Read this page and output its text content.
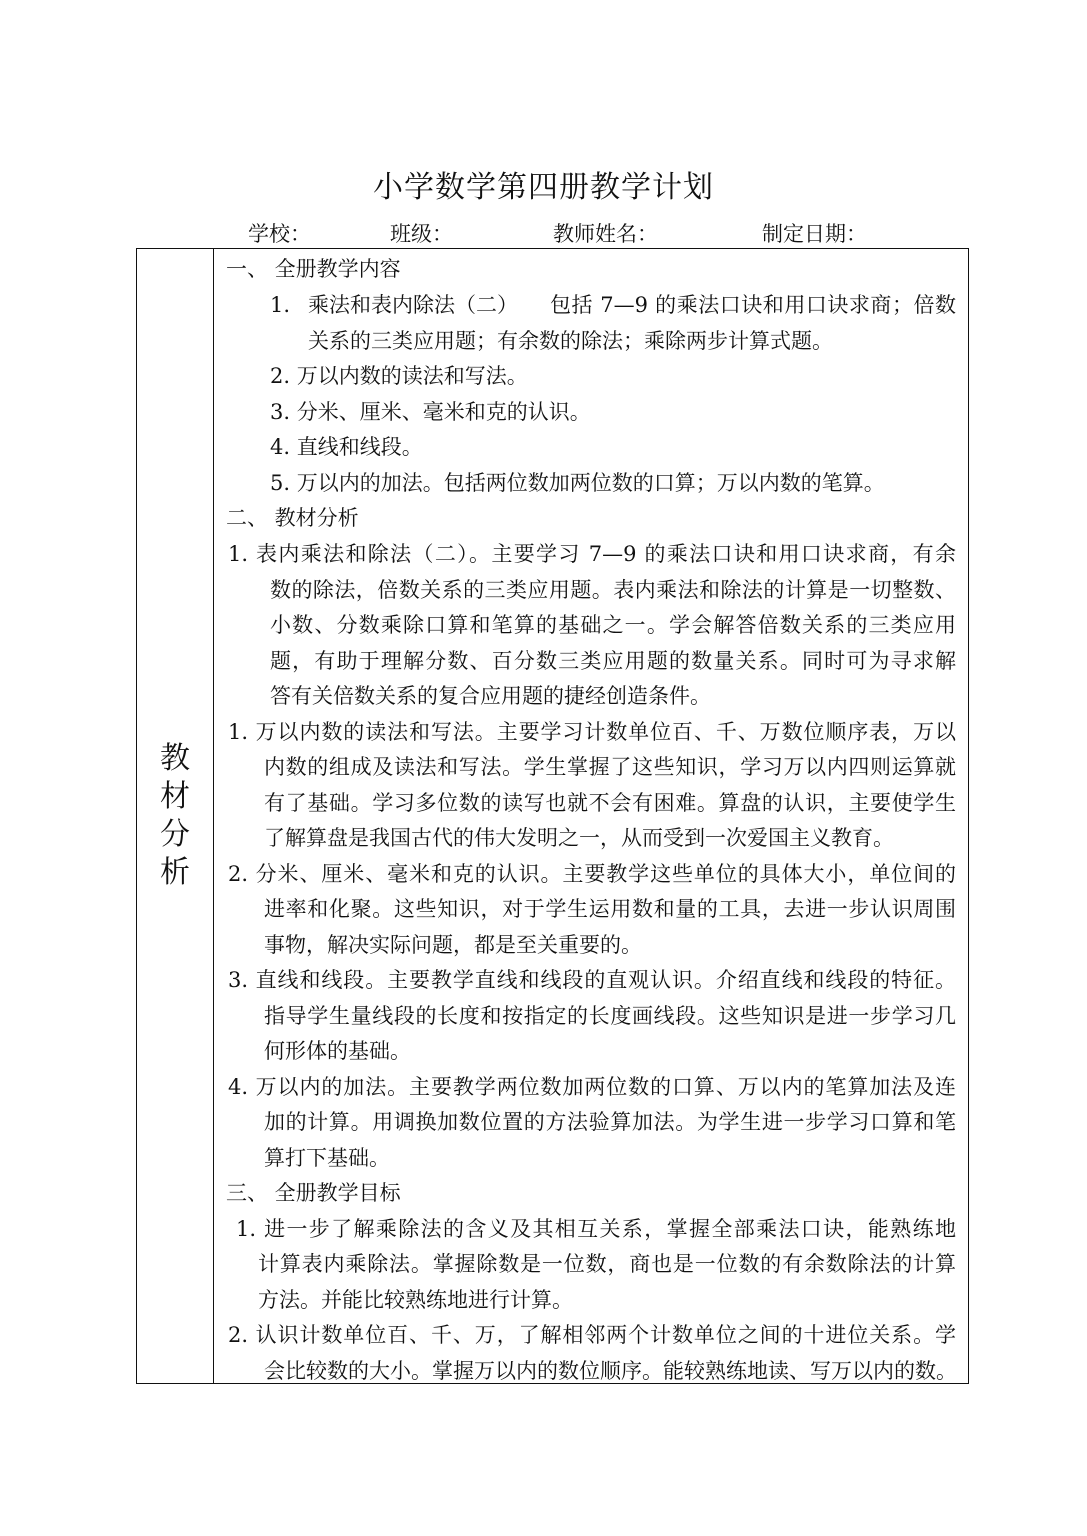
小学数学第四册教学计划
学校：	班级：	教师姓名：	制定日期：
教
材
分
析

一、 全册教学内容
1. 乘法和表内除法（二） 包括 7—9 的乘法口诀和用口诀求商；倍数
关系的三类应用题；有余数的除法；乘除两步计算式题。
2. 万以内数的读法和写法。
3. 分米、厘米、毫米和克的认识。
4. 直线和线段。
5. 万以内的加法。包括两位数加两位数的口算；万以内数的笔算。
二、 教材分析
1. 表内乘法和除法（二）。主要学习 7—9 的乘法口诀和用口诀求商，有余
数的除法，倍数关系的三类应用题。表内乘法和除法的计算是一切整数、
小数、分数乘除口算和笔算的基础之一。学会解答倍数关系的三类应用
题，有助于理解分数、百分数三类应用题的数量关系。同时可为寻求解
答有关倍数关系的复合应用题的捷经创造条件。
1. 万以内数的读法和写法。主要学习计数单位百、千、万数位顺序表，万以
内数的组成及读法和写法。学生掌握了这些知识，学习万以内四则运算就
有了基础。学习多位数的读写也就不会有困难。算盘的认识，主要使学生
了解算盘是我国古代的伟大发明之一，从而受到一次爱国主义教育。
2. 分米、厘米、毫米和克的认识。主要教学这些单位的具体大小，单位间的
进率和化聚。这些知识，对于学生运用数和量的工具，去进一步认识周围
事物，解决实际问题，都是至关重要的。
3. 直线和线段。主要教学直线和线段的直观认识。介绍直线和线段的特征。
指导学生量线段的长度和按指定的长度画线段。这些知识是进一步学习几
何形体的基础。
4. 万以内的加法。主要教学两位数加两位数的口算、万以内的笔算加法及连
加的计算。用调换加数位置的方法验算加法。为学生进一步学习口算和笔
算打下基础。
三、 全册教学目标
1. 进一步了解乘除法的含义及其相互关系，掌握全部乘法口诀，能熟练地
计算表内乘除法。掌握除数是一位数，商也是一位数的有余数除法的计算
方法。并能比较熟练地进行计算。
2. 认识计数单位百、千、万，了解相邻两个计数单位之间的十进位关系。学
会比较数的大小。掌握万以内的数位顺序。能较熟练地读、写万以内的数。
